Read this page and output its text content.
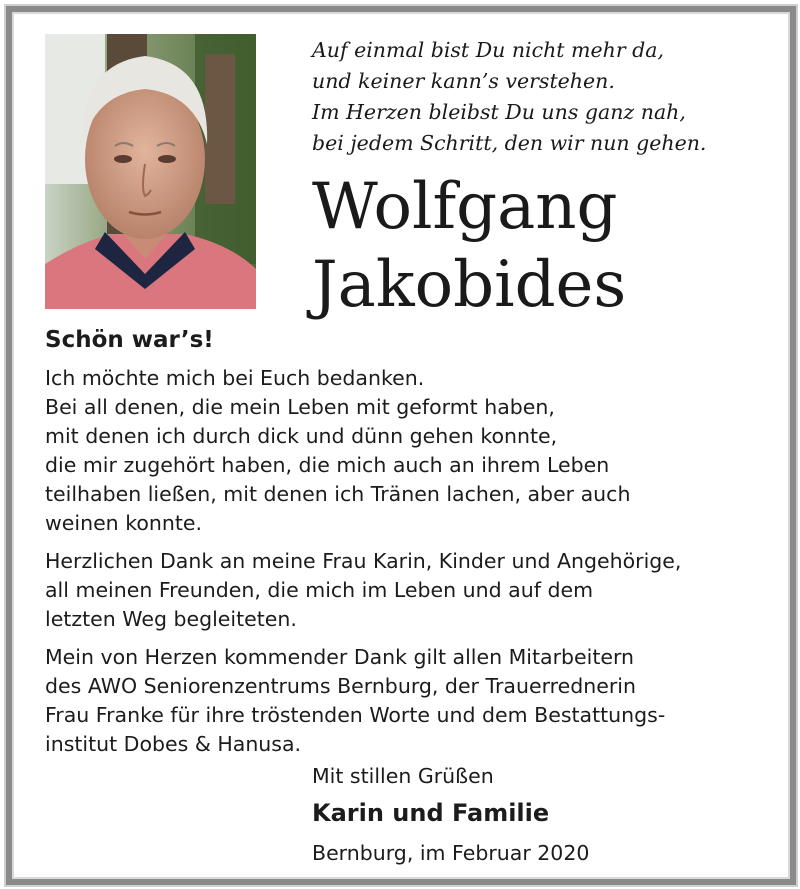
Auf einmal bist Du nicht mehr da,
und keiner kann’s verstehen.
Im Herzen bleibst Du uns ganz nah,
bei jedem Schritt, den wir nun gehen.
Wolfgang
Jakobides
Schön war’s!
Ich möchte mich bei Euch bedanken.
Bei all denen, die mein Leben mit geformt haben,
mit denen ich durch dick und dünn gehen konnte,
die mir zugehört haben, die mich auch an ihrem Leben
teilhaben ließen, mit denen ich Tränen lachen, aber auch
weinen konnte.
Herzlichen Dank an meine Frau Karin, Kinder und Angehörige,
all meinen Freunden, die mich im Leben und auf dem
letzten Weg begleiteten.
Mein von Herzen kommender Dank gilt allen Mitarbeitern
des AWO Seniorenzentrums Bernburg, der Trauerrednerin
Frau Franke für ihre tröstenden Worte und dem Bestattungs-
institut Dobes & Hanusa.
Mit stillen Grüßen
Karin und Familie
Bernburg, im Februar 2020
